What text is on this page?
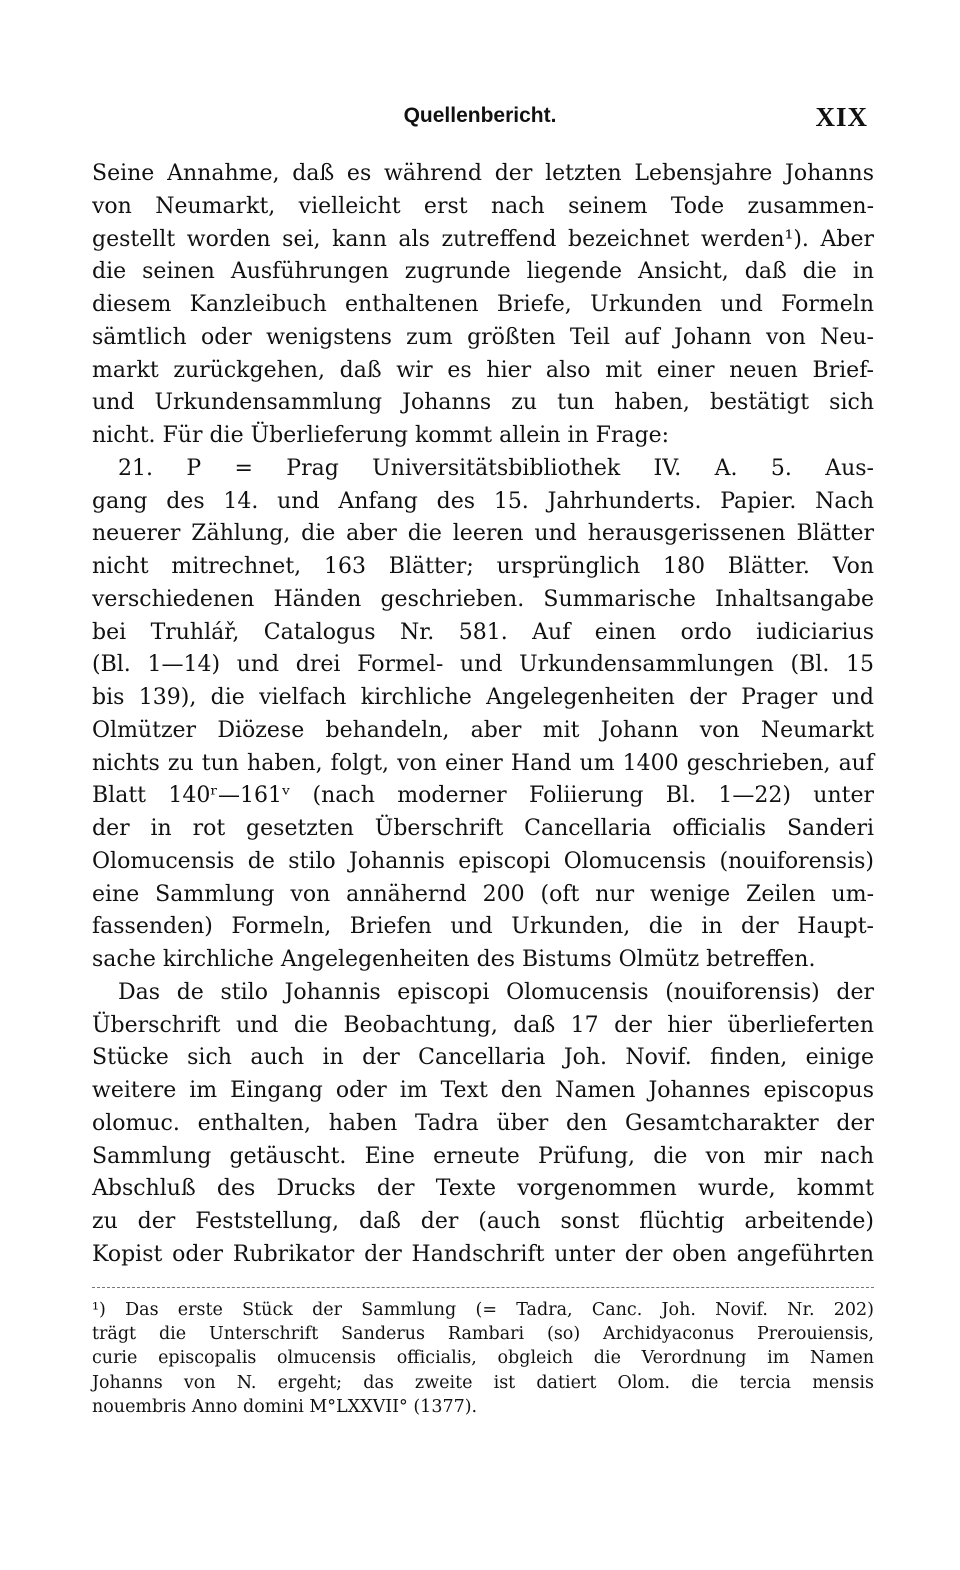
Quellenbericht.	XIX
Seine Annahme, daß es während der letzten Lebensjahre Johanns
von Neumarkt, vielleicht erst nach seinem Tode zusammen-
gestellt worden sei, kann als zutreffend bezeichnet werden¹). Aber
die seinen Ausführungen zugrunde liegende Ansicht, daß die in
diesem Kanzleibuch enthaltenen Briefe, Urkunden und Formeln
sämtlich oder wenigstens zum größten Teil auf Johann von Neu-
markt zurückgehen, daß wir es hier also mit einer neuen Brief-
und Urkundensammlung Johanns zu tun haben, bestätigt sich
nicht. Für die Überlieferung kommt allein in Frage:
21. P = Prag Universitätsbibliothek IV. A. 5. Aus-
gang des 14. und Anfang des 15. Jahrhunderts. Papier. Nach
neuerer Zählung, die aber die leeren und herausgerissenen Blätter
nicht mitrechnet, 163 Blätter; ursprünglich 180 Blätter. Von
verschiedenen Händen geschrieben. Summarische Inhaltsangabe
bei Truhlář, Catalogus Nr. 581. Auf einen ordo iudiciarius
(Bl. 1—14) und drei Formel- und Urkundensammlungen (Bl. 15
bis 139), die vielfach kirchliche Angelegenheiten der Prager und
Olmützer Diözese behandeln, aber mit Johann von Neumarkt
nichts zu tun haben, folgt, von einer Hand um 1400 geschrieben, auf
Blatt 140ʳ—161ᵛ (nach moderner Foliierung Bl. 1—22) unter
der in rot gesetzten Überschrift Cancellaria officialis Sanderi
Olomucensis de stilo Johannis episcopi Olomucensis (nouiforensis)
eine Sammlung von annähernd 200 (oft nur wenige Zeilen um-
fassenden) Formeln, Briefen und Urkunden, die in der Haupt-
sache kirchliche Angelegenheiten des Bistums Olmütz betreffen.
Das de stilo Johannis episcopi Olomucensis (nouiforensis) der
Überschrift und die Beobachtung, daß 17 der hier überlieferten
Stücke sich auch in der Cancellaria Joh. Novif. finden, einige
weitere im Eingang oder im Text den Namen Johannes episcopus
olomuc. enthalten, haben Tadra über den Gesamtcharakter der
Sammlung getäuscht. Eine erneute Prüfung, die von mir nach
Abschluß des Drucks der Texte vorgenommen wurde, kommt
zu der Feststellung, daß der (auch sonst flüchtig arbeitende)
Kopist oder Rubrikator der Handschrift unter der oben angeführten
¹) Das erste Stück der Sammlung (= Tadra, Canc. Joh. Novif. Nr. 202)
trägt die Unterschrift Sanderus Rambari (so) Archidyaconus Prerouiensis,
curie episcopalis olmucensis officialis, obgleich die Verordnung im Namen
Johanns von N. ergeht; das zweite ist datiert Olom. die tercia mensis
nouembris Anno domini M°LXXVII° (1377).
